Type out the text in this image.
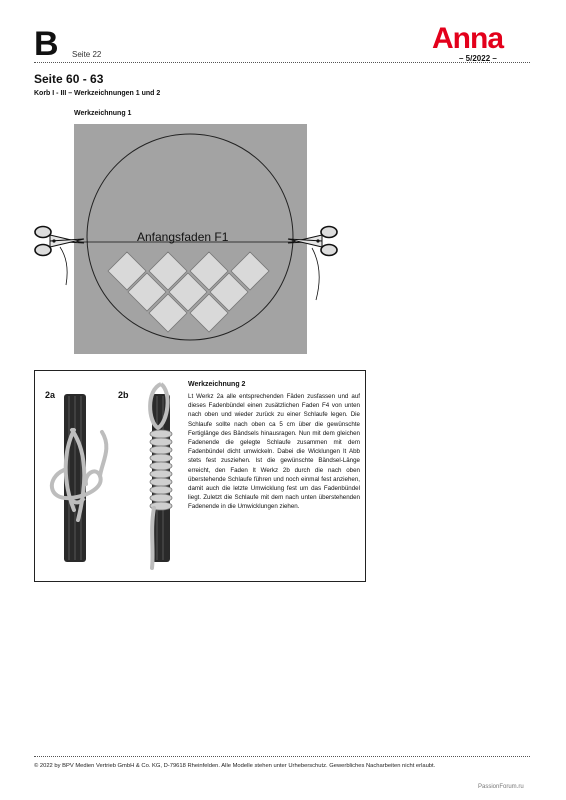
B Seite 22	Anna
– 5/2022 –
Seite 60 - 63
Korb I - III – Werkzeichnungen 1 und 2
Werkzeichnung 1
Anfangsfaden F1
2a	2b
Werkzeichnung 2
Lt Werkz 2a alle entsprechenden Fäden zusfassen und auf dieses Fadenbündel einen zusätzlichen Faden F4 von unten nach oben und wieder zurück zu einer Schlaufe legen. Die Schlaufe sollte nach oben ca 5 cm über die gewünschte Fertiglänge des Bändsels hinausragen. Nun mit dem gleichen Fadenende die gelegte Schlaufe zusammen mit dem Fadenbündel dicht umwickeln. Dabei die Wicklungen lt Abb stets fest zusziehen. Ist die gewünschte Bändsel-Länge erreicht, den Faden lt Werkz 2b durch die nach oben überstehende Schlaufe führen und noch einmal fest anziehen, damit auch die letzte Umwicklung fest um das Fadenbündel liegt. Zuletzt die Schlaufe mit dem nach unten überstehenden Fadenende in die Umwicklungen ziehen.
© 2022 by BPV Medien Vertrieb GmbH & Co. KG, D-79618 Rheinfelden. Alle Modelle stehen unter Urheberschutz. Gewerbliches Nacharbeiten nicht erlaubt.
PassionForum.ru
